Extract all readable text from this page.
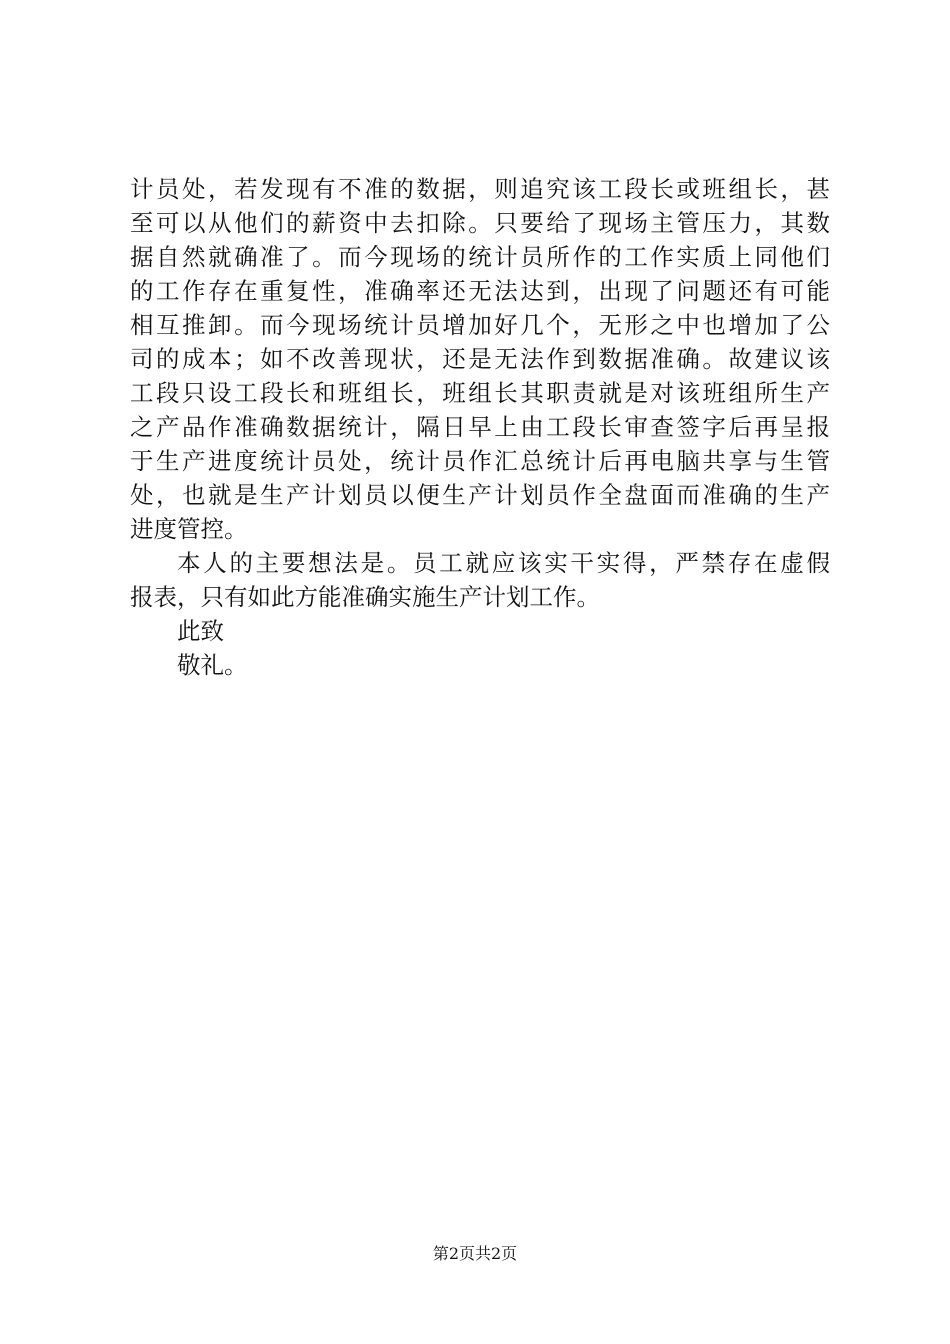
计员处，若发现有不准的数据，则追究该工段长或班组长，甚
至可以从他们的薪资中去扣除。只要给了现场主管压力，其数
据自然就确准了。而今现场的统计员所作的工作实质上同他们
的工作存在重复性，准确率还无法达到，出现了问题还有可能
相互推卸。而今现场统计员增加好几个，无形之中也增加了公
司的成本；如不改善现状，还是无法作到数据准确。故建议该
工段只设工段长和班组长，班组长其职责就是对该班组所生产
之产品作准确数据统计，隔日早上由工段长审查签字后再呈报
于生产进度统计员处，统计员作汇总统计后再电脑共享与生管
处，也就是生产计划员以便生产计划员作全盘面而准确的生产
进度管控。
本人的主要想法是。员工就应该实干实得，严禁存在虚假
报表，只有如此方能准确实施生产计划工作。
此致
敬礼。
第2页共2页
